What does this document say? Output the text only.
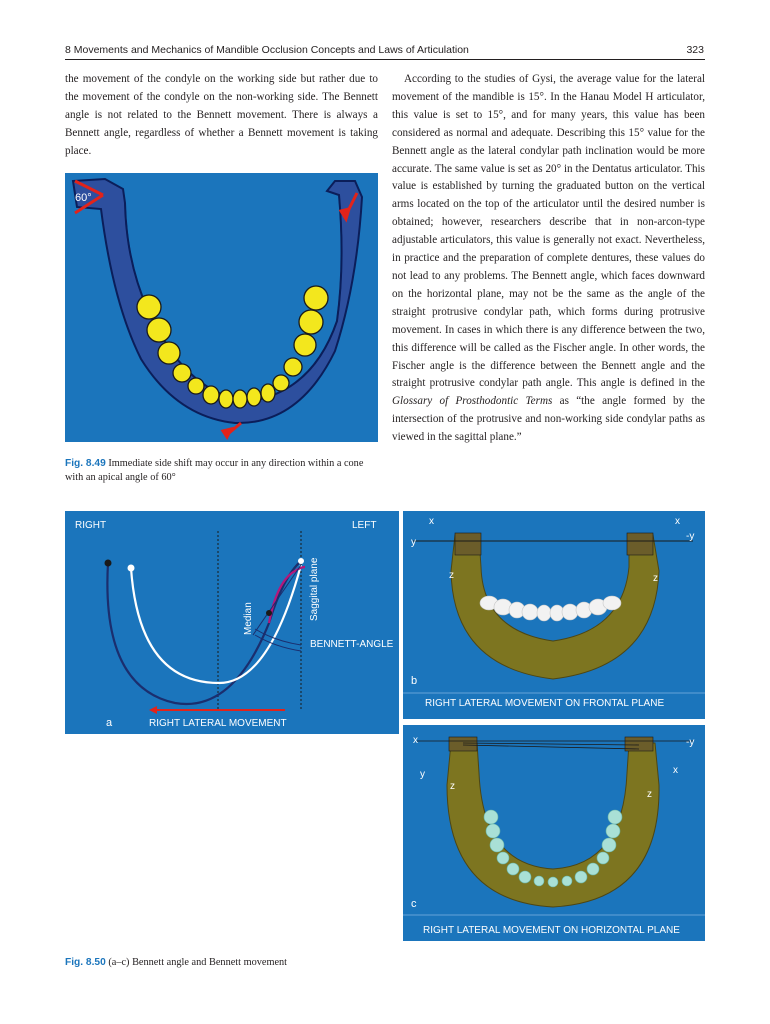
8 Movements and Mechanics of Mandible Occlusion Concepts and Laws of Articulation	323

the movement of the condyle on the working side but rather due to the movement of the condyle on the non-working side. The Bennett angle is not related to the Bennett movement. There is always a Bennett angle, regardless of whether a Bennett movement is taking place.

According to the studies of Gysi, the average value for the lateral movement of the mandible is 15°. In the Hanau Model H articulator, this value is set to 15°, and for many years, this value has been considered as normal and adequate. Describing this 15° value for the Bennett angle as the lateral condylar path inclination would be more accurate. The same value is set as 20° in the Dentatus articulator. This value is established by turning the graduated button on the vertical arms located on the top of the articulator until the desired number is obtained; however, researchers describe that in non-arcon-type adjustable articulators, this value is generally not exact. Nevertheless, in practice and the preparation of complete dentures, these values do not lead to any problems. The Bennett angle, which faces downward on the horizontal plane, may not be the same as the angle of the straight protrusive condylar path, which forms during protrusive movement. In cases in which there is any difference between the two, this difference will be called as the Fischer angle. In other words, the Fischer angle is the difference between the Bennett angle and the straight protrusive condylar path angle. This angle is defined in the Glossary of Prosthodontic Terms as “the angle formed by the intersection of the protrusive and non-working side condylar paths as viewed in the sagittal plane.”

60°
Fig. 8.49 Immediate side shift may occur in any direction within a cone with an apical angle of 60°
RIGHT	LEFT
Median	Saggital plane
BENNETT-ANGLE
a	RIGHT LATERAL MOVEMENT
x	x
y
-y
z	z
b
RIGHT LATERAL MOVEMENT ON FRONTAL PLANE
x	-y
y	x
z
z
c
RIGHT LATERAL MOVEMENT ON HORIZONTAL PLANE
Fig. 8.50 (a–c) Bennett angle and Bennett movement
